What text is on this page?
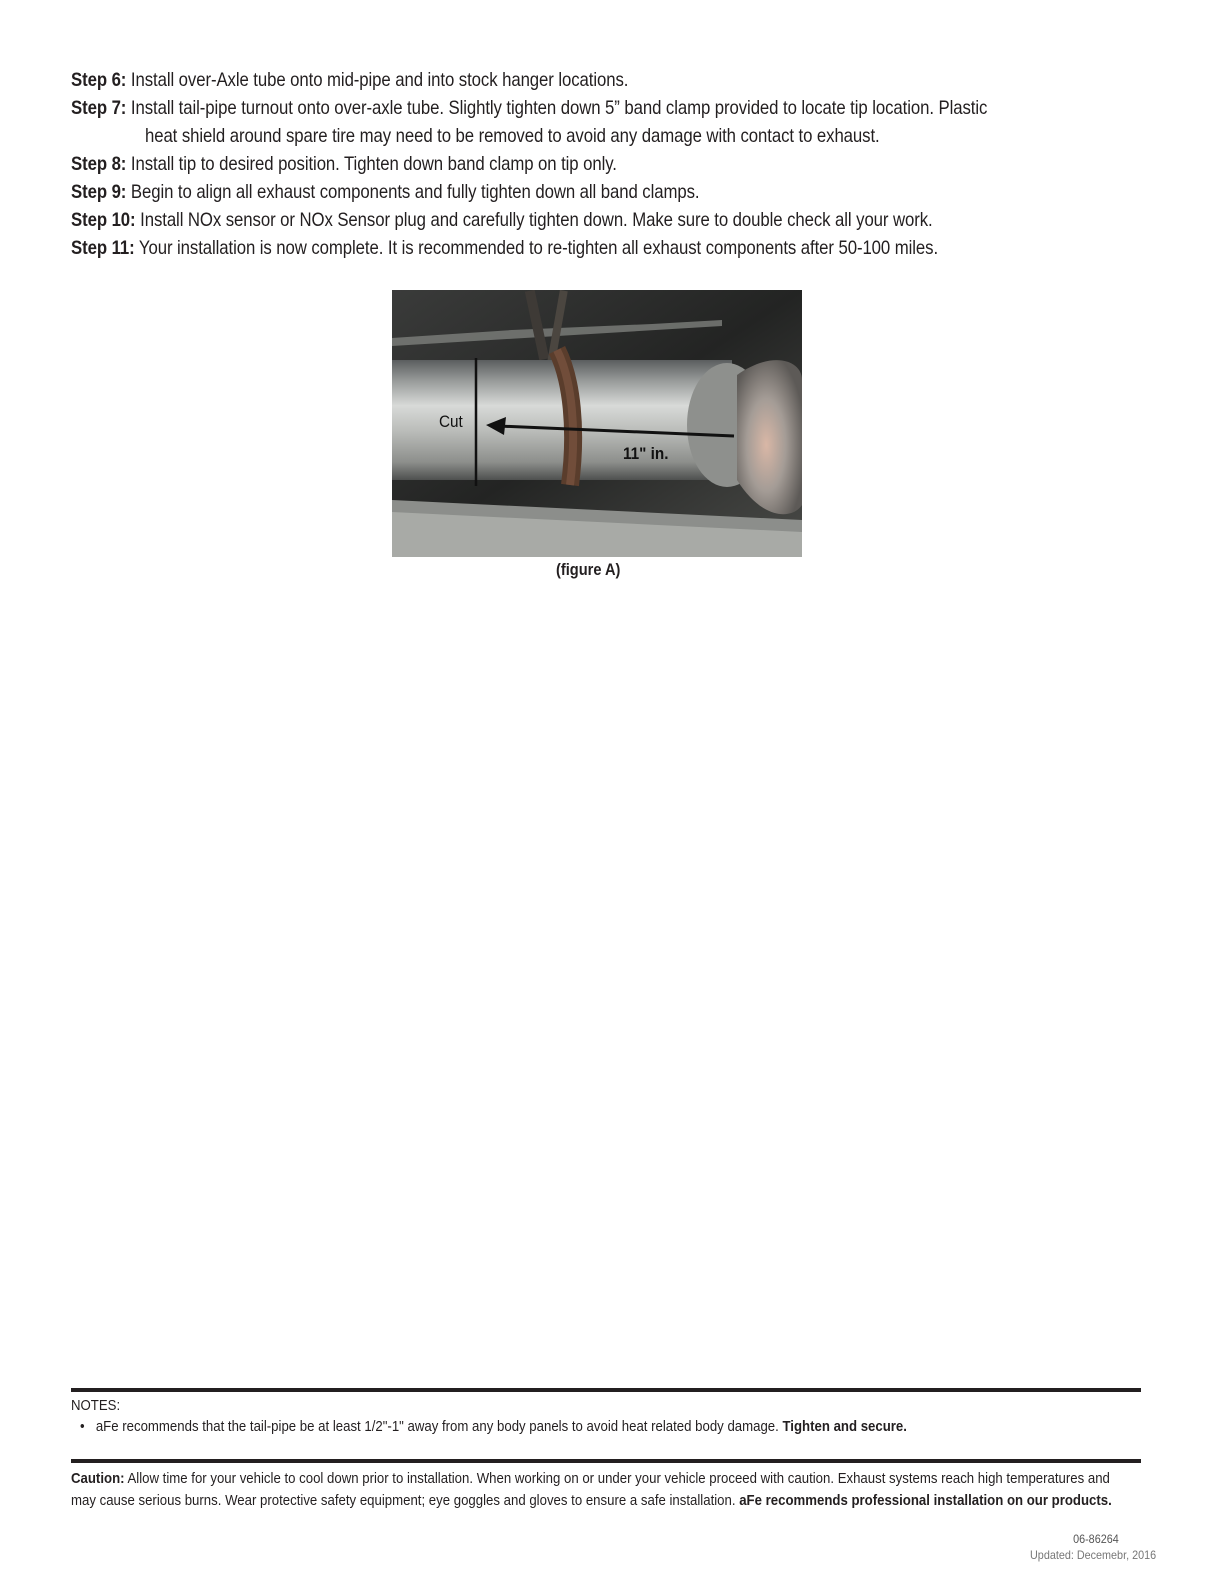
Step 6: Install over-Axle tube onto mid-pipe and into stock hanger locations.
Step 7: Install tail-pipe turnout onto over-axle tube. Slightly tighten down 5” band clamp provided to locate tip location. Plastic
heat shield around spare tire may need to be removed to avoid any damage with contact to exhaust.
Step 8: Install tip to desired position. Tighten down band clamp on tip only.
Step 9: Begin to align all exhaust components and fully tighten down all band clamps.
Step 10: Install NOx sensor or NOx Sensor plug and carefully tighten down. Make sure to double check all your work.
Step 11: Your installation is now complete. It is recommended to re-tighten all exhaust components after 50-100 miles.
Cut
11" in.
(figure A)
NOTES:
• aFe recommends that the tail-pipe be at least 1/2"-1" away from any body panels to avoid heat related body damage. Tighten and secure.
Caution: Allow time for your vehicle to cool down prior to installation. When working on or under your vehicle proceed with caution. Exhaust systems reach high temperatures and may cause serious burns. Wear protective safety equipment; eye goggles and gloves to ensure a safe installation. aFe recommends professional installation on our products.
06-86264
Updated: Decemebr, 2016
